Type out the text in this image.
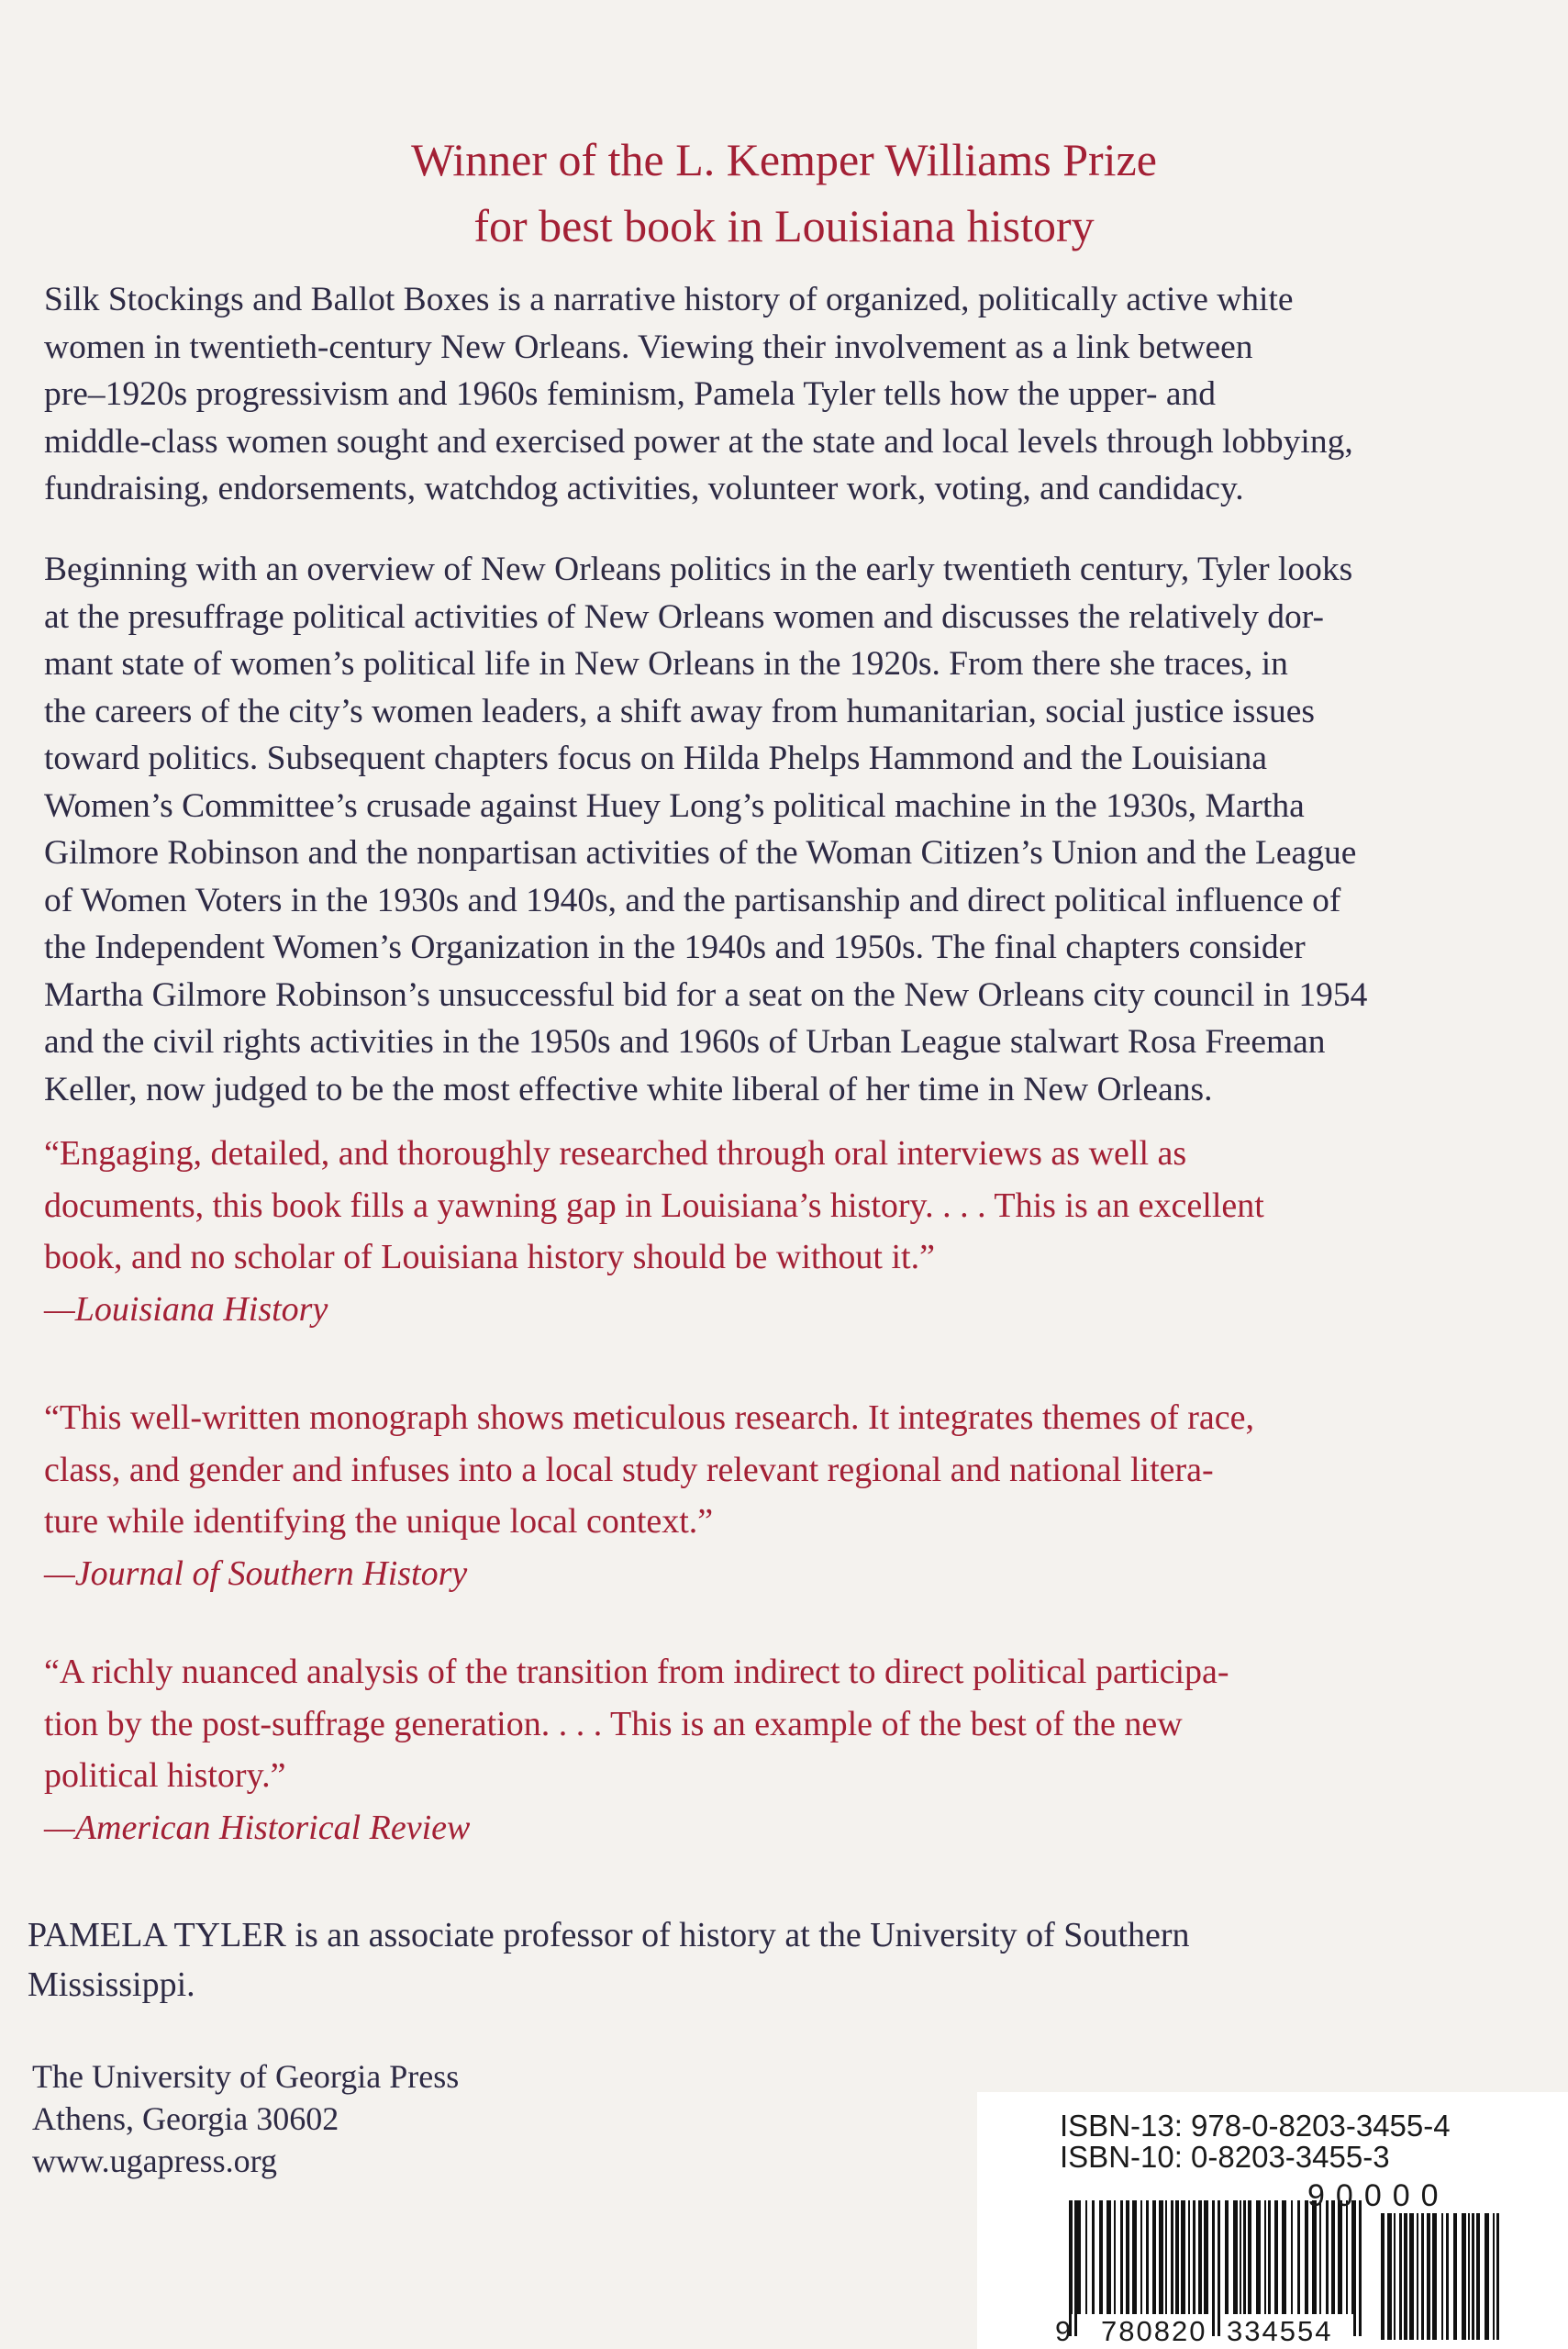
Winner of the L. Kemper Williams Prize
for best book in Louisiana history
Silk Stockings and Ballot Boxes is a narrative history of organized, politically active white
women in twentieth-century New Orleans. Viewing their involvement as a link between
pre–1920s progressivism and 1960s feminism, Pamela Tyler tells how the upper- and
middle-class women sought and exercised power at the state and local levels through lobbying,
fundraising, endorsements, watchdog activities, volunteer work, voting, and candidacy.
Beginning with an overview of New Orleans politics in the early twentieth century, Tyler looks
at the presuffrage political activities of New Orleans women and discusses the relatively dor-
mant state of women’s political life in New Orleans in the 1920s. From there she traces, in
the careers of the city’s women leaders, a shift away from humanitarian, social justice issues
toward politics. Subsequent chapters focus on Hilda Phelps Hammond and the Louisiana
Women’s Committee’s crusade against Huey Long’s political machine in the 1930s, Martha
Gilmore Robinson and the nonpartisan activities of the Woman Citizen’s Union and the League
of Women Voters in the 1930s and 1940s, and the partisanship and direct political influence of
the Independent Women’s Organization in the 1940s and 1950s. The final chapters consider
Martha Gilmore Robinson’s unsuccessful bid for a seat on the New Orleans city council in 1954
and the civil rights activities in the 1950s and 1960s of Urban League stalwart Rosa Freeman
Keller, now judged to be the most effective white liberal of her time in New Orleans.
“Engaging, detailed, and thoroughly researched through oral interviews as well as
documents, this book fills a yawning gap in Louisiana’s history. . . . This is an excellent
book, and no scholar of Louisiana history should be without it.”
—Louisiana History
“This well-written monograph shows meticulous research. It integrates themes of race,
class, and gender and infuses into a local study relevant regional and national litera-
ture while identifying the unique local context.”
—Journal of Southern History
“A richly nuanced analysis of the transition from indirect to direct political participa-
tion by the post-suffrage generation. . . . This is an example of the best of the new
political history.”
—American Historical Review
PAMELA TYLER is an associate professor of history at the University of Southern
Mississippi.
The University of Georgia Press
Athens, Georgia 30602
www.ugapress.org
ISBN-13: 978-0-8203-3455-4
ISBN-10: 0-8203-3455-3
90000
9 780820 334554
